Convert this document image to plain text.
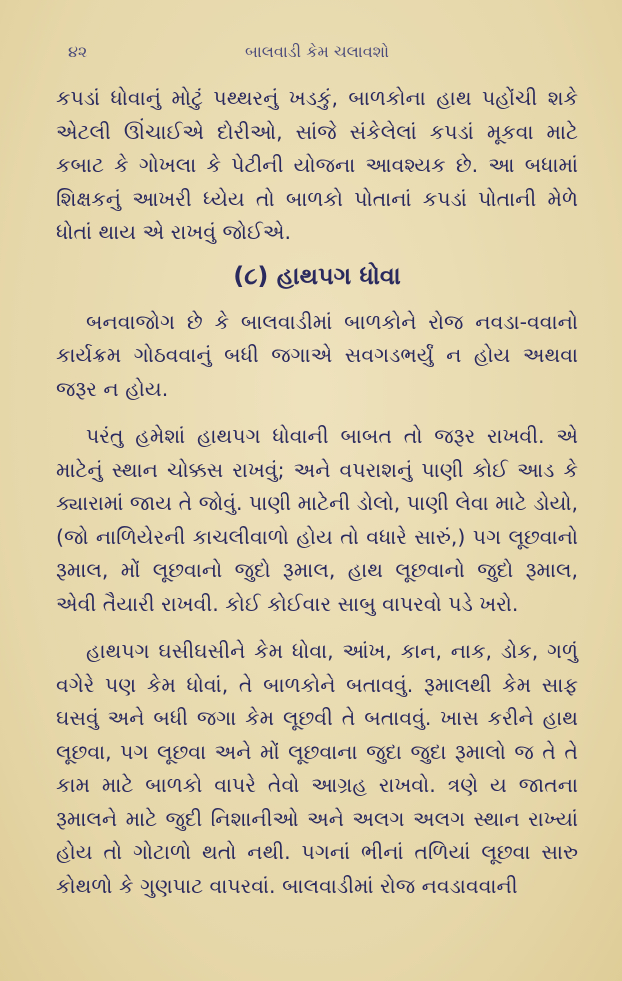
૪૨	બાલવાડી કેમ ચલાવશો

કપડાં ધોવાનું મોટું પથ્થરનું ખડકું, બાળકોના હાથ પહોંચી શકે એટલી ઊંચાઈએ દોરીઓ, સાંજે સંકેલેલાં કપડાં મૂકવા માટે કબાટ કે ગોખલા કે પેટીની યોજના આવશ્યક છે. આ બધામાં શિક્ષકનું આખરી ધ્યેય તો બાળકો પોતાનાં કપડાં પોતાની મેળે ધોતાં થાય એ રાખવું જોઈએ.

(૮) હાથપગ ધોવા

બનવાજોગ છે કે બાલવાડીમાં બાળકોને રોજ નવડા-વવાનો કાર્યક્રમ ગોઠવવાનું બધી જગાએ સવગડભર્યું ન હોય અથવા જરૂર ન હોય.

પરંતુ હમેશાં હાથપગ ધોવાની બાબત તો જરૂર રાખવી. એ માટેનું સ્થાન ચોક્કસ રાખવું; અને વપરાશનું પાણી કોઈ આડ કે ક્યારામાં જાય તે જોવું. પાણી માટેની ડોલો, પાણી લેવા માટે ડોયો, (જો નાળિયેરની કાચલીવાળો હોય તો વધારે સારું,) પગ લૂછવાનો રૂમાલ, મોં લૂછવાનો જુદો રૂમાલ, હાથ લૂછવાનો જુદો રૂમાલ, એવી તૈયારી રાખવી. કોઈ કોઈવાર સાબુ વાપરવો પડે ખરો.

હાથપગ ઘસીઘસીને કેમ ધોવા, આંખ, કાન, નાક, ડોક, ગળું વગેરે પણ કેમ ધોવાં, તે બાળકોને બતાવવું. રૂમાલથી કેમ સાફ ઘસવું અને બધી જગા કેમ લૂછવી તે બતાવવું. ખાસ કરીને હાથ લૂછવા, પગ લૂછવા અને મોં લૂછવાના જુદા જુદા રૂમાલો જ તે તે કામ માટે બાળકો વાપરે તેવો આગ્રહ રાખવો. ત્રણે ય જાતના રૂમાલને માટે જુદી નિશાનીઓ અને અલગ અલગ સ્થાન રાખ્યાં હોય તો ગોટાળો થતો નથી. પગનાં ભીનાં તળિયાં લૂછવા સારુ કોથળો કે ગુણપાટ વાપરવાં. બાલવાડીમાં રોજ નવડાવવાની
